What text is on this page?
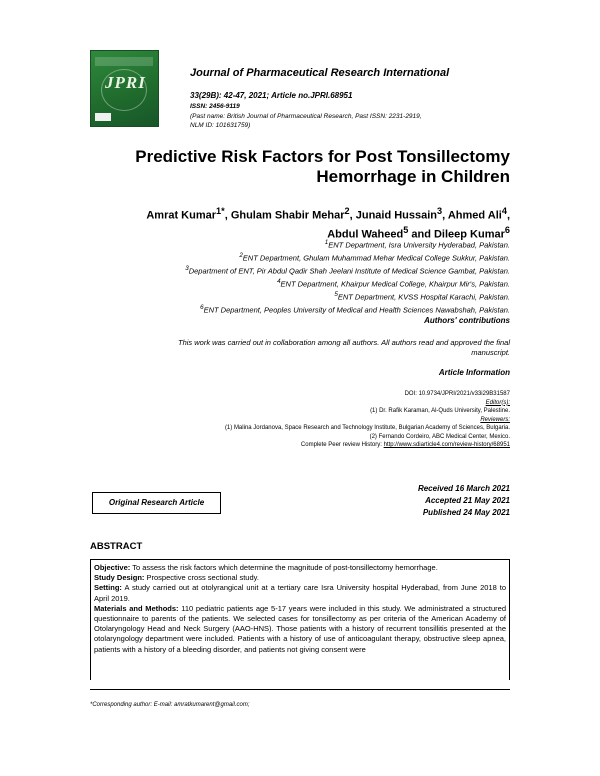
JPRI	Journal of Pharmaceutical Research International
33(29B): 42-47, 2021; Article no.JPRI.68951
ISSN: 2456-9119
(Past name: British Journal of Pharmaceutical Research, Past ISSN: 2231-2919,
NLM ID: 101631759)
Predictive Risk Factors for Post Tonsillectomy
Hemorrhage in Children
Amrat Kumar$^{1*}$, Ghulam Shabir Mehar$^2$, Junaid Hussain$^3$, Ahmed Ali$^4$,
Abdul Waheed$^5$ and Dileep Kumar$^6$
$^1$ENT Department, Isra University Hyderabad, Pakistan.
$^2$ENT Department, Ghulam Muhammad Mehar Medical College Sukkur, Pakistan.
$^3$Department of ENT, Pir Abdul Qadir Shah Jeelani Institute of Medical Science Gambat, Pakistan.
$^4$ENT Department, Khairpur Medical College, Khairpur Mir's, Pakistan.
$^5$ENT Department, KVSS Hospital Karachi, Pakistan.
$^6$ENT Department, Peoples University of Medical and Health Sciences Nawabshah, Pakistan.
Authors' contributions
This work was carried out in collaboration among all authors. All authors read and approved the final
manuscript.
Article Information
DOI: 10.9734/JPRI/2021/v33i29B31587
Editor(s):
(1) Dr. Rafik Karaman, Al-Quds University, Palestine.
Reviewers:
(1) Malina Jordanova, Space Research and Technology Institute, Bulgarian Academy of Sciences, Bulgaria.
(2) Fernando Cordeiro, ABC Medical Center, Mexico.
Complete Peer review History: http://www.sdiarticle4.com/review-history/68951
Original Research Article
Received 16 March 2021
Accepted 21 May 2021
Published 24 May 2021
ABSTRACT

Objective: To assess the risk factors which determine the magnitude of post-tonsillectomy hemorrhage.

Study Design: Prospective cross sectional study.

Setting: A study carried out at otolyrangical unit at a tertiary care Isra University hospital Hyderabad, from June 2018 to April 2019.

Materials and Methods: 110 pediatric patients age 5-17 years were included in this study. We administrated a structured questionnaire to parents of the patients. We selected cases for tonsillectomy as per criteria of the American Academy of Otolaryngology Head and Neck Surgery (AAO-HNS). Those patients with a history of recurrent tonsillitis presented at the otolaryngology department were included. Patients with a history of use of anticoagulant therapy, obstructive sleep apnea, patients with a history of a bleeding disorder, and patients not giving consent were

*Corresponding author: E-mail: amratkumarent@gmail.com;
